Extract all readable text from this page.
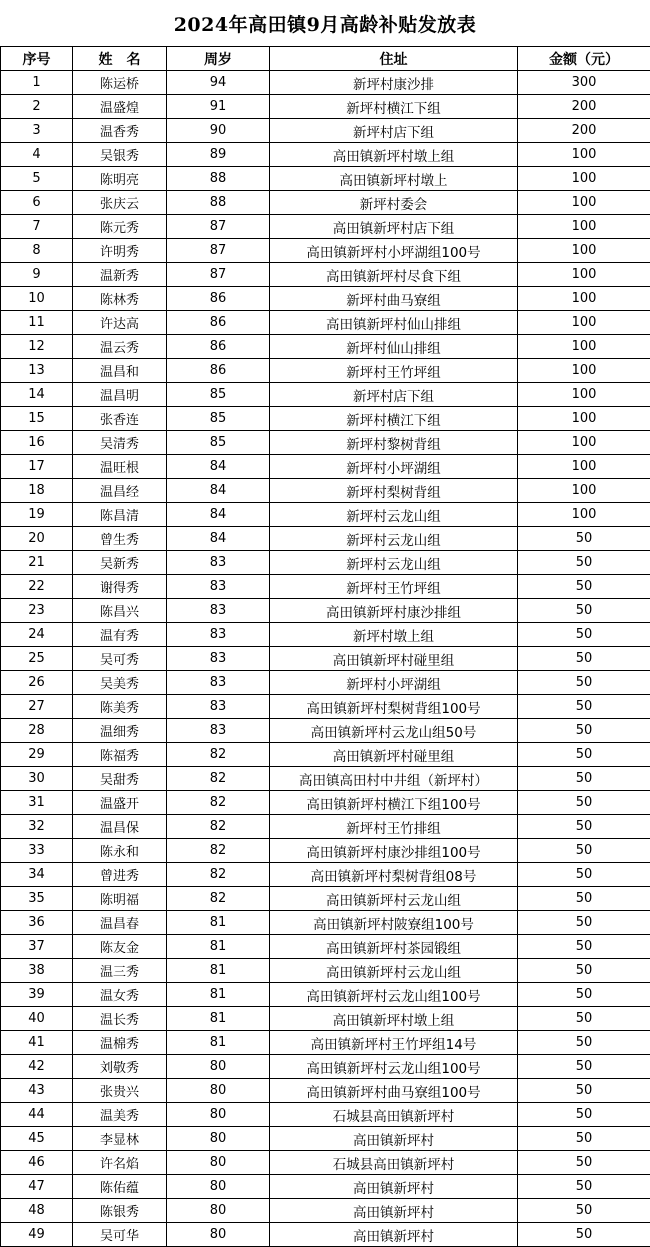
2024年高田镇9月高龄补贴发放表
序号	姓　名	周岁	住址	金额（元）
1	陈运桥	94	新坪村康沙排	300
2	温盛煌	91	新坪村横江下组	200
3	温香秀	90	新坪村店下组	200
4	吴银秀	89	高田镇新坪村墩上组	100
5	陈明亮	88	高田镇新坪村墩上	100
6	张庆云	88	新坪村委会	100
7	陈元秀	87	高田镇新坪村店下组	100
8	许明秀	87	高田镇新坪村小坪湖组100号	100
9	温新秀	87	高田镇新坪村尽食下组	100
10	陈林秀	86	新坪村曲马寮组	100
11	许达高	86	高田镇新坪村仙山排组	100
12	温云秀	86	新坪村仙山排组	100
13	温昌和	86	新坪村王竹坪组	100
14	温昌明	85	新坪村店下组	100
15	张香连	85	新坪村横江下组	100
16	吴清秀	85	新坪村黎树背组	100
17	温旺根	84	新坪村小坪湖组	100
18	温昌经	84	新坪村梨树背组	100
19	陈昌清	84	新坪村云龙山组	100
20	曾生秀	84	新坪村云龙山组	50
21	吴新秀	83	新坪村云龙山组	50
22	谢得秀	83	新坪村王竹坪组	50
23	陈昌兴	83	高田镇新坪村康沙排组	50
24	温有秀	83	新坪村墩上组	50
25	吴可秀	83	高田镇新坪村碰里组	50
26	吴美秀	83	新坪村小坪湖组	50
27	陈美秀	83	高田镇新坪村梨树背组100号	50
28	温细秀	83	高田镇新坪村云龙山组50号	50
29	陈福秀	82	高田镇新坪村碰里组	50
30	吴甜秀	82	高田镇高田村中井组（新坪村）	50
31	温盛开	82	高田镇新坪村横江下组100号	50
32	温昌保	82	新坪村王竹排组	50
33	陈永和	82	高田镇新坪村康沙排组100号	50
34	曾进秀	82	高田镇新坪村梨树背组08号	50
35	陈明福	82	高田镇新坪村云龙山组	50
36	温昌春	81	高田镇新坪村陂寮组100号	50
37	陈友金	81	高田镇新坪村茶园锻组	50
38	温三秀	81	高田镇新坪村云龙山组	50
39	温女秀	81	高田镇新坪村云龙山组100号	50
40	温长秀	81	高田镇新坪村墩上组	50
41	温棉秀	81	高田镇新坪村王竹坪组14号	50
42	刘敬秀	80	高田镇新坪村云龙山组100号	50
43	张贵兴	80	高田镇新坪村曲马寮组100号	50
44	温美秀	80	石城县高田镇新坪村	50
45	李显林	80	高田镇新坪村	50
46	许名焰	80	石城县高田镇新坪村	50
47	陈佑蕴	80	高田镇新坪村	50
48	陈银秀	80	高田镇新坪村	50
49	吴可华	80	高田镇新坪村	50
